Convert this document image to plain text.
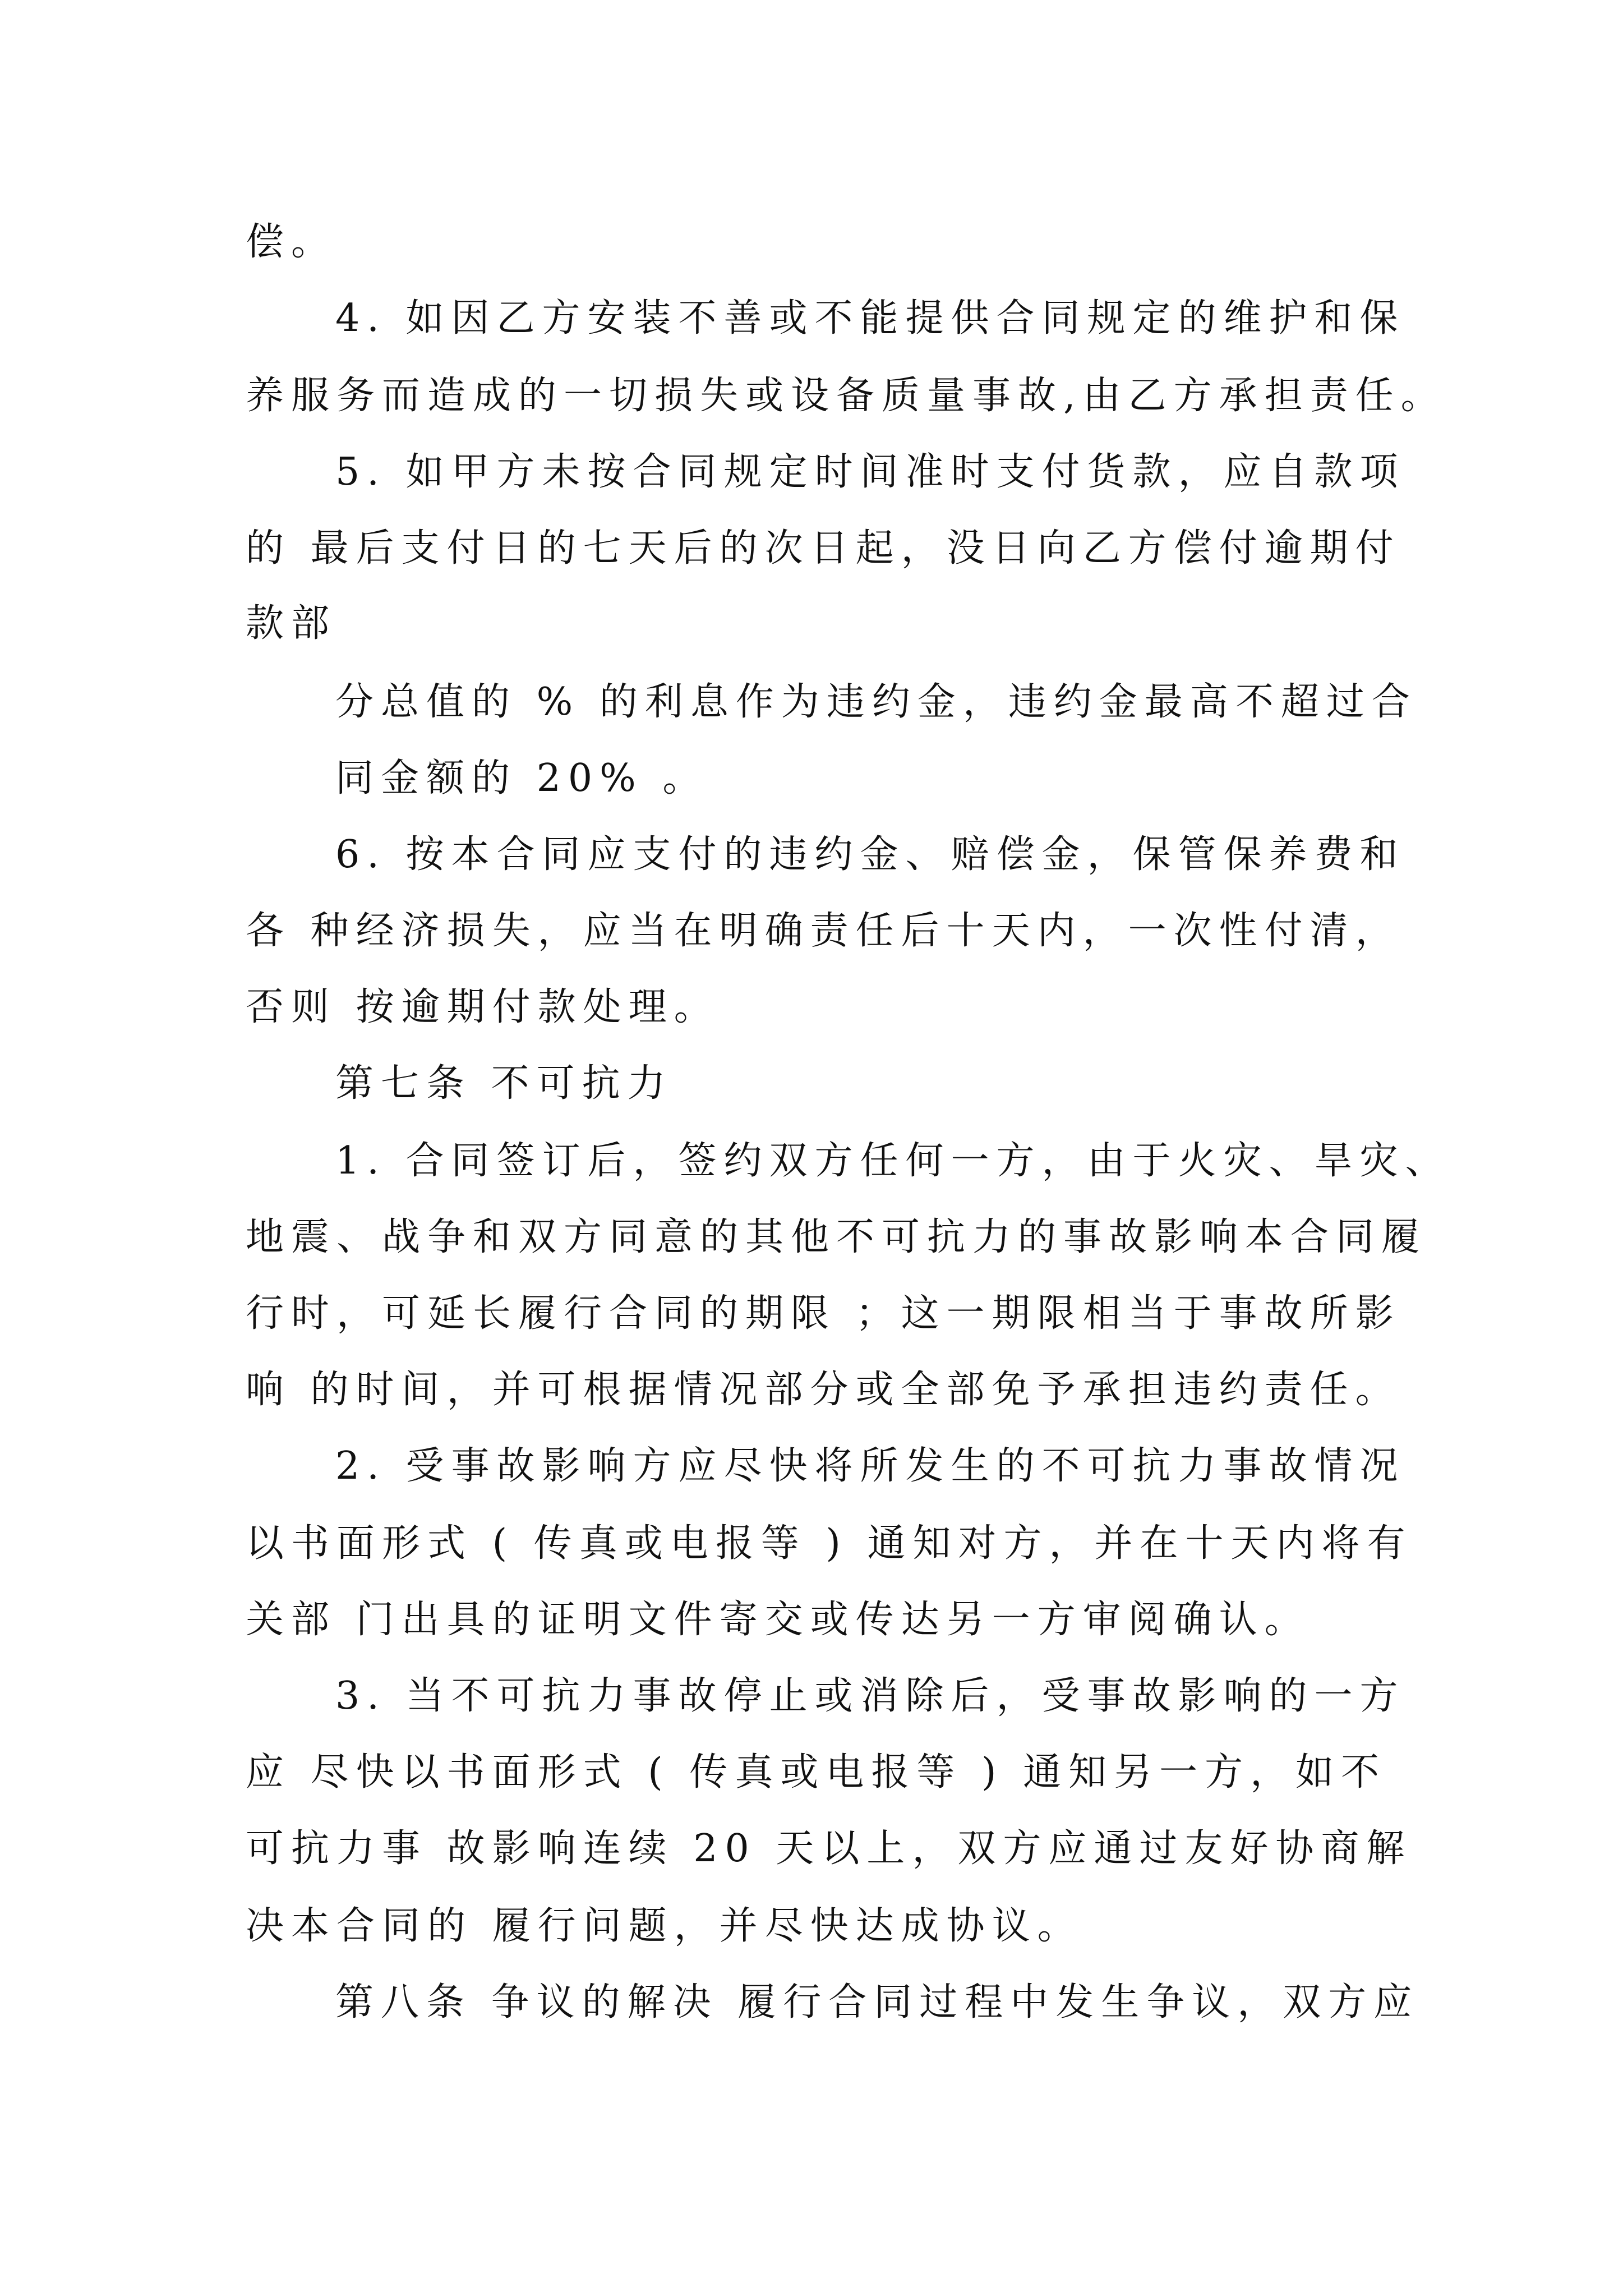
偿。
4. 如因乙方安装不善或不能提供合同规定的维护和保
养服务而造成的一切损失或设备质量事故,由乙方承担责任。
5. 如甲方未按合同规定时间准时支付货款，应自款项
的 最后支付日的七天后的次日起，没日向乙方偿付逾期付
款部
分总值的 % 的利息作为违约金，违约金最高不超过合
同金额的 20% 。
6. 按本合同应支付的违约金、赔偿金，保管保养费和
各 种经济损失，应当在明确责任后十天内，一次性付清，
否则 按逾期付款处理。
第七条 不可抗力
1. 合同签订后，签约双方任何一方，由于火灾、旱灾、
地震、战争和双方同意的其他不可抗力的事故影响本合同履
行时，可延长履行合同的期限 ；这一期限相当于事故所影
响 的时间，并可根据情况部分或全部免予承担违约责任。
2. 受事故影响方应尽快将所发生的不可抗力事故情况
以书面形式 ( 传真或电报等 ) 通知对方，并在十天内将有
关部 门出具的证明文件寄交或传达另一方审阅确认。
3. 当不可抗力事故停止或消除后，受事故影响的一方
应 尽快以书面形式 ( 传真或电报等 ) 通知另一方，如不
可抗力事 故影响连续 20 天以上，双方应通过友好协商解
决本合同的 履行问题，并尽快达成协议。
第八条 争议的解决 履行合同过程中发生争议，双方应
